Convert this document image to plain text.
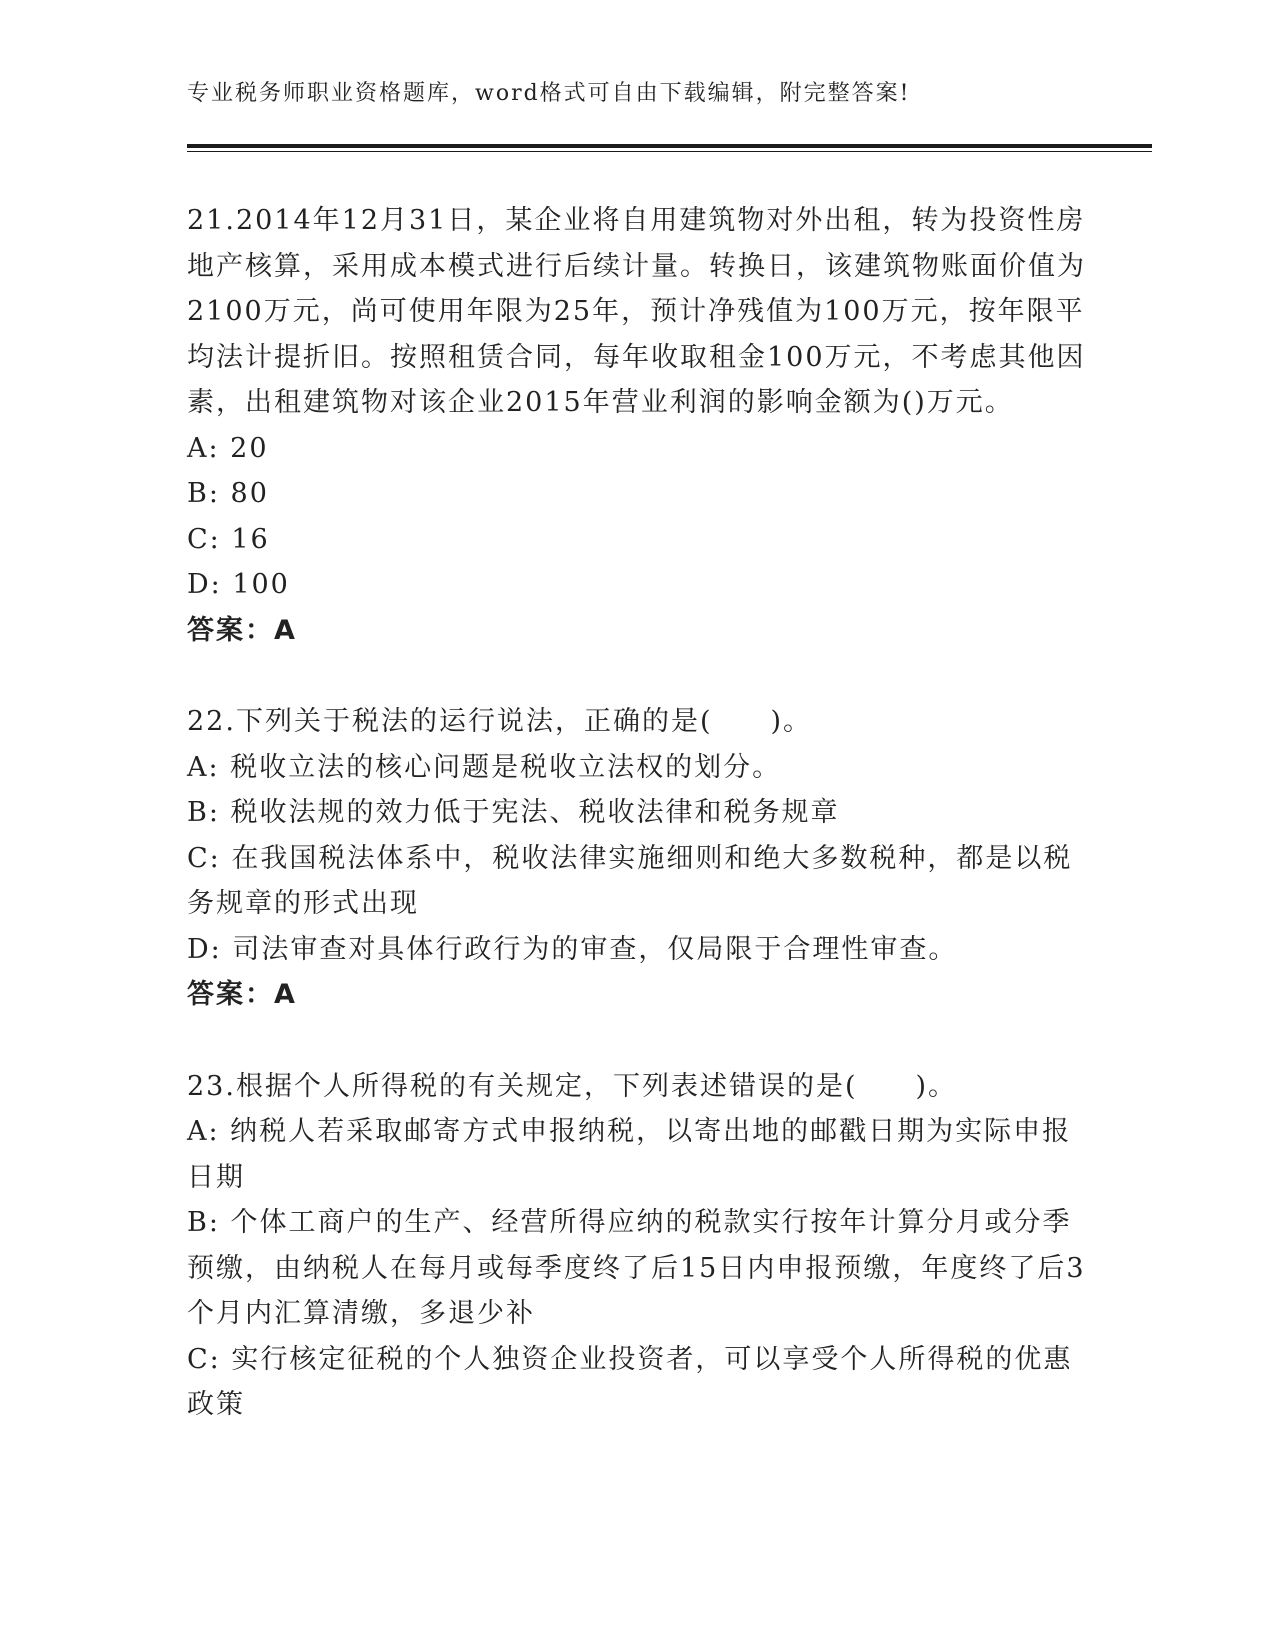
专业税务师职业资格题库，word格式可自由下载编辑，附完整答案!

21.2014年12月31日，某企业将自用建筑物对外出租，转为投资性房地产核算，采用成本模式进行后续计量。转换日，该建筑物账面价值为2100万元，尚可使用年限为25年，预计净残值为100万元，按年限平均法计提折旧。按照租赁合同，每年收取租金100万元，不考虑其他因素，出租建筑物对该企业2015年营业利润的影响金额为()万元。

A: 20

B: 80

C: 16

D: 100

答案：A

22.下列关于税法的运行说法，正确的是(　　)。

A: 税收立法的核心问题是税收立法权的划分。

B: 税收法规的效力低于宪法、税收法律和税务规章

C: 在我国税法体系中，税收法律实施细则和绝大多数税种，都是以税务规章的形式出现

D: 司法审查对具体行政行为的审查，仅局限于合理性审查。

答案：A

23.根据个人所得税的有关规定，下列表述错误的是(　　)。

A: 纳税人若采取邮寄方式申报纳税，以寄出地的邮戳日期为实际申报日期

B: 个体工商户的生产、经营所得应纳的税款实行按年计算分月或分季预缴，由纳税人在每月或每季度终了后15日内申报预缴，年度终了后3个月内汇算清缴，多退少补

C: 实行核定征税的个人独资企业投资者，可以享受个人所得税的优惠政策
